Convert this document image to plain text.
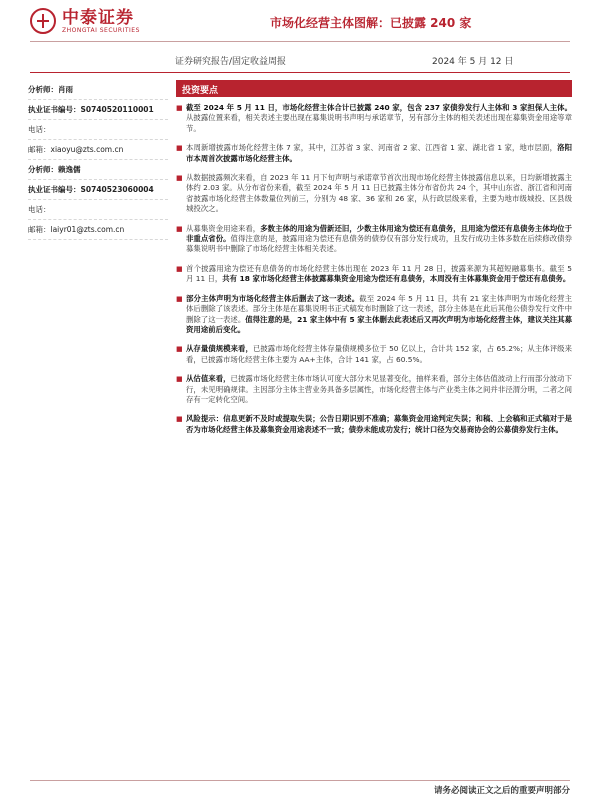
中泰证券
ZHONGTAI SECURITIES	市场化经营主体图解：已披露 240 家
证券研究报告/固定收益周报	2024 年 5 月 12 日
分析师： 肖雨
执业证书编号： S0740520110001
电话：
邮箱： xiaoyu@zts.com.cn
分析师： 赖逸儒
执业证书编号： S0740523060004
电话：
邮箱： laiyr01@zts.com.cn
投资要点
■ 截至 2024 年 5 月 11 日，市场化经营主体合计已披露 240 家，包含 237 家债券发行人主体和 3 家担保人主体。从披露位置来看，相关表述主要出现在募集说明书声明与承诺章节，另有部分主体的相关表述出现在募集资金用途等章节。
■ 本周新增披露市场化经营主体 7 家，其中，江苏省 3 家、河南省 2 家、江西省 1 家、湖北省 1 家，地市层面，洛阳市本周首次披露市场化经营主体。
■ 从数据披露频次来看，自 2023 年 11 月下旬声明与承诺章节首次出现市场化经营主体披露信息以来，日均新增披露主体约 2.03 家。从分布省份来看，截至 2024 年 5 月 11 日已披露主体分布省份共 24 个，其中山东省、浙江省和河南省披露市场化经营主体数量位列前三，分别为 48 家、36 家和 26 家，从行政层级来看，主要为地市级城投、区县级城投次之。
■ 从募集资金用途来看，多数主体的用途为借新还旧，少数主体用途为偿还有息债务，且用途为偿还有息债务主体均位于非重点省份。值得注意的是，披露用途为偿还有息债务的债券仅有部分发行成功，且发行成功主体多数在后续修改债券募集说明书中删除了市场化经营主体相关表述。
■ 首个披露用途为偿还有息债务的市场化经营主体出现在 2023 年 11 月 28 日，披露来源为其超短融募集书。截至 5 月 11 日，共有 18 家市场化经营主体披露募集资金用途为偿还有息债务，本周没有主体募集资金用于偿还有息债务。
■ 部分主体声明为市场化经营主体后删去了这一表述。截至 2024 年 5 月 11 日，共有 21 家主体声明为市场化经营主体后删除了该表述。部分主体是在募集说明书正式稿发布时删除了这一表述，部分主体是在此后其他公债券发行文件中删除了这一表述。值得注意的是，21 家主体中有 5 家主体删去此表述后又再次声明为市场化经营主体，建议关注其募资用途前后变化。
■ 从存量债规模来看，已披露市场化经营主体存量债规模多位于 50 亿以上，合计共 152 家，占 65.2%；从主体评级来看，已披露市场化经营主体主要为 AA+主体，合计 141 家，占 60.5%。
■ 从估值来看，已披露市场化经营主体市场认可度大部分未见显著变化，抽样来看，部分主体估值波动上行而部分波动下行，未见明确规律。主因部分主体主营业务具备多层属性，市场化经营主体与产业类主体之间并非泾渭分明，二者之间存有一定转化空间。
■ 风险提示：信息更新不及时或提取失误；公告日期识别不准确；募集资金用途判定失误；和稿、上会稿和正式稿对于是否为市场化经营主体及募集资金用途表述不一致；债券未能成功发行；统计口径为交易商协会的公募债券发行主体。
请务必阅读正文之后的重要声明部分
